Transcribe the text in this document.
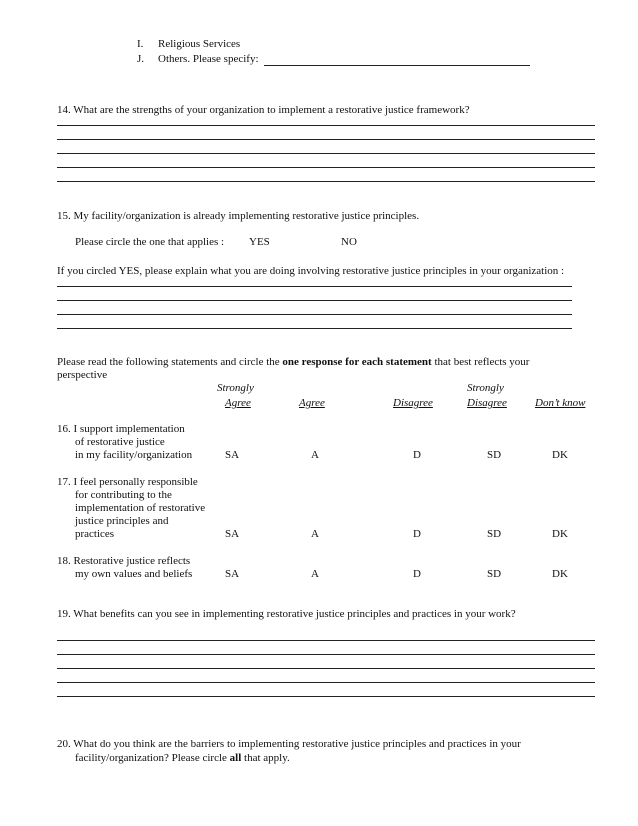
I. Religious Services
J. Others. Please specify:
14. What are the strengths of your organization to implement a restorative justice framework?
15. My facility/organization is already implementing restorative justice principles.
Please circle the one that applies : YES	NO
If you circled YES, please explain what you are doing involving restorative justice principles in your organization :
Please read the following statements and circle the one response for each statement that best reflects your
perspective
Strongly
Agree	Agree	Disagree
Strongly
Disagree	Don’t know
16. I support implementation
of restorative justice
in my facility/organization	SA	A	D	SD	DK
17. I feel personally responsible
for contributing to the
implementation of restorative
justice principles and
practices	SA	A	D	SD	DK
18. Restorative justice reflects
my own values and beliefs	SA	A	D	SD	DK
19. What benefits can you see in implementing restorative justice principles and practices in your work?
20. What do you think are the barriers to implementing restorative justice principles and practices in your
facility/organization? Please circle all that apply.
